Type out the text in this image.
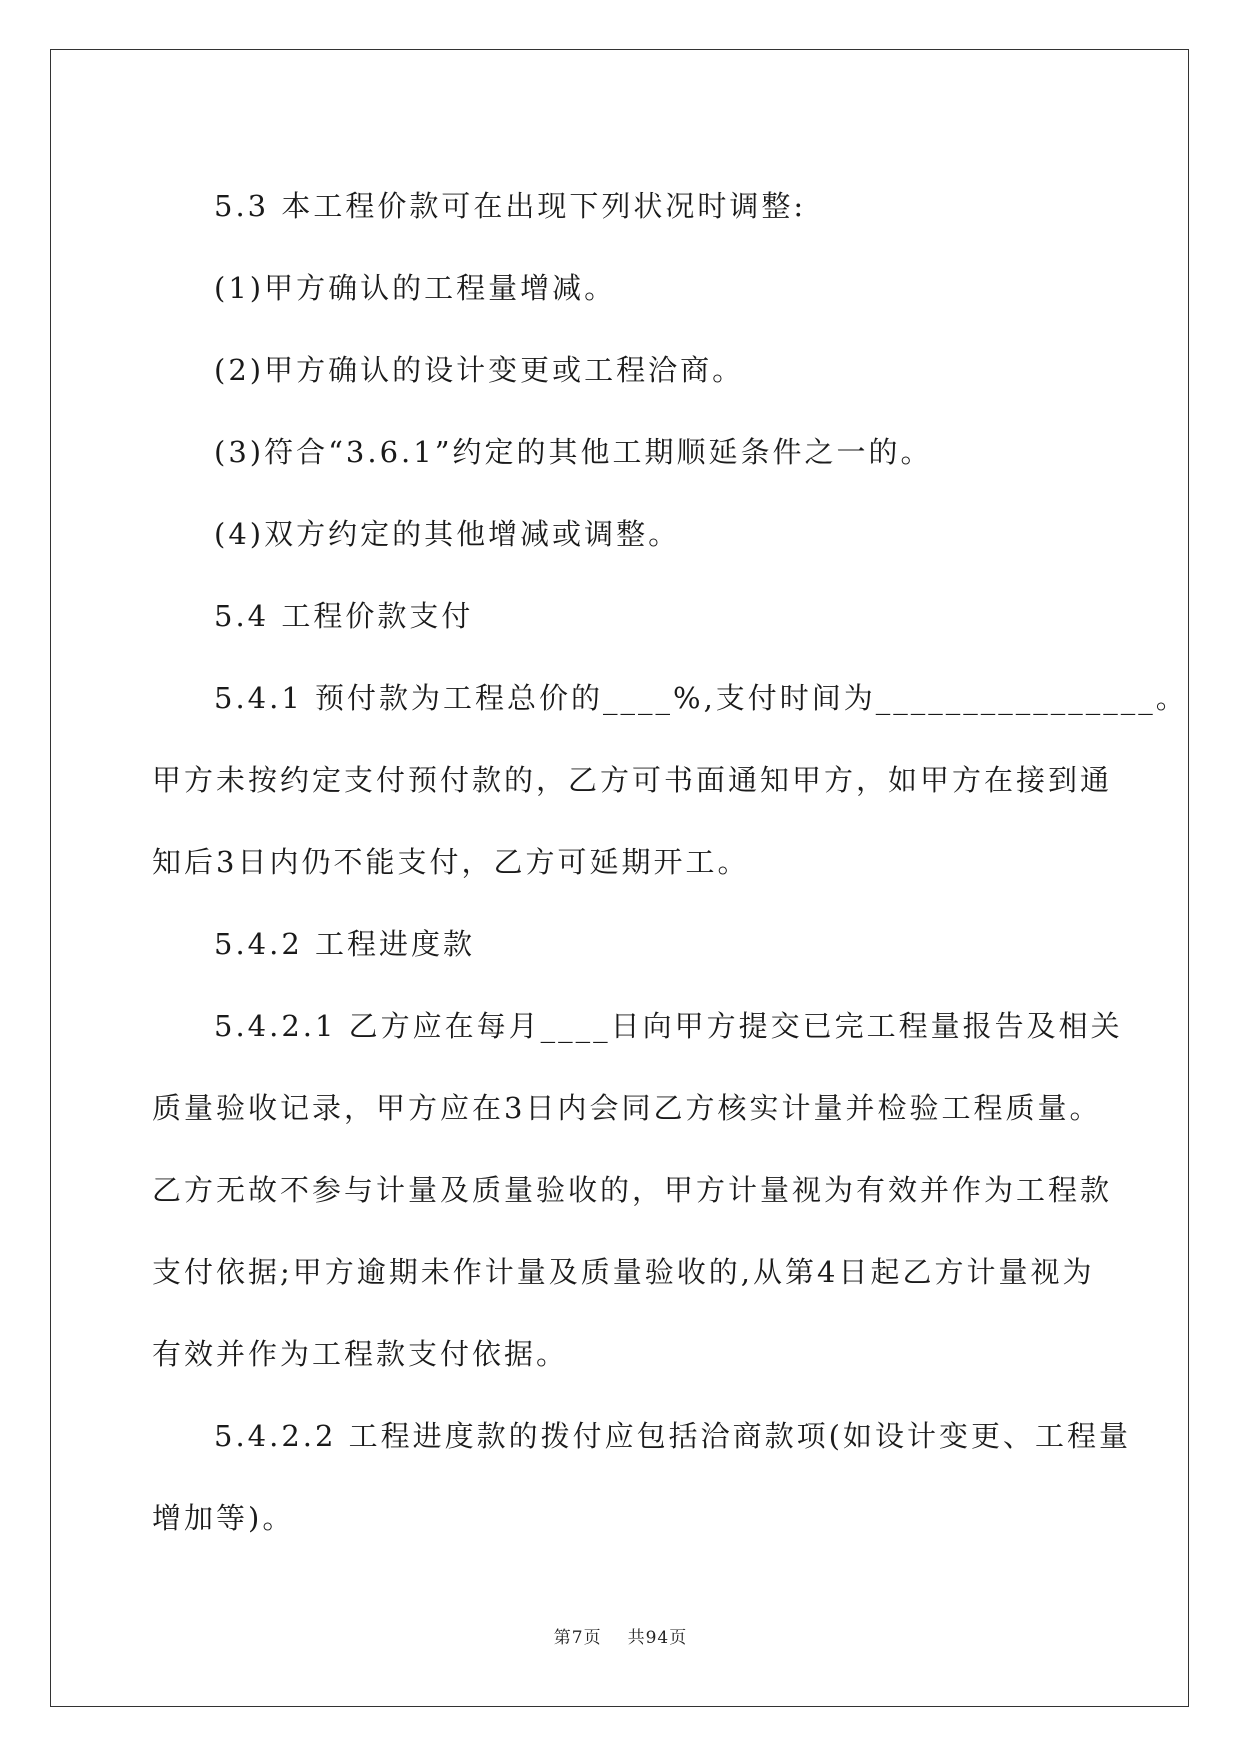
5.3 本工程价款可在出现下列状况时调整:

(1)甲方确认的工程量增减。

(2)甲方确认的设计变更或工程洽商。

(3)符合“3.6.1”约定的其他工期顺延条件之一的。

(4)双方约定的其他增减或调整。

5.4 工程价款支付

5.4.1 预付款为工程总价的____%,支付时间为________________。

甲方未按约定支付预付款的，乙方可书面通知甲方，如甲方在接到通

知后3日内仍不能支付，乙方可延期开工。

5.4.2 工程进度款

5.4.2.1 乙方应在每月____日向甲方提交已完工程量报告及相关

质量验收记录，甲方应在3日内会同乙方核实计量并检验工程质量。

乙方无故不参与计量及质量验收的，甲方计量视为有效并作为工程款

支付依据;甲方逾期未作计量及质量验收的,从第4日起乙方计量视为

有效并作为工程款支付依据。

5.4.2.2 工程进度款的拨付应包括洽商款项(如设计变更、工程量

增加等)。

第7页 共94页
